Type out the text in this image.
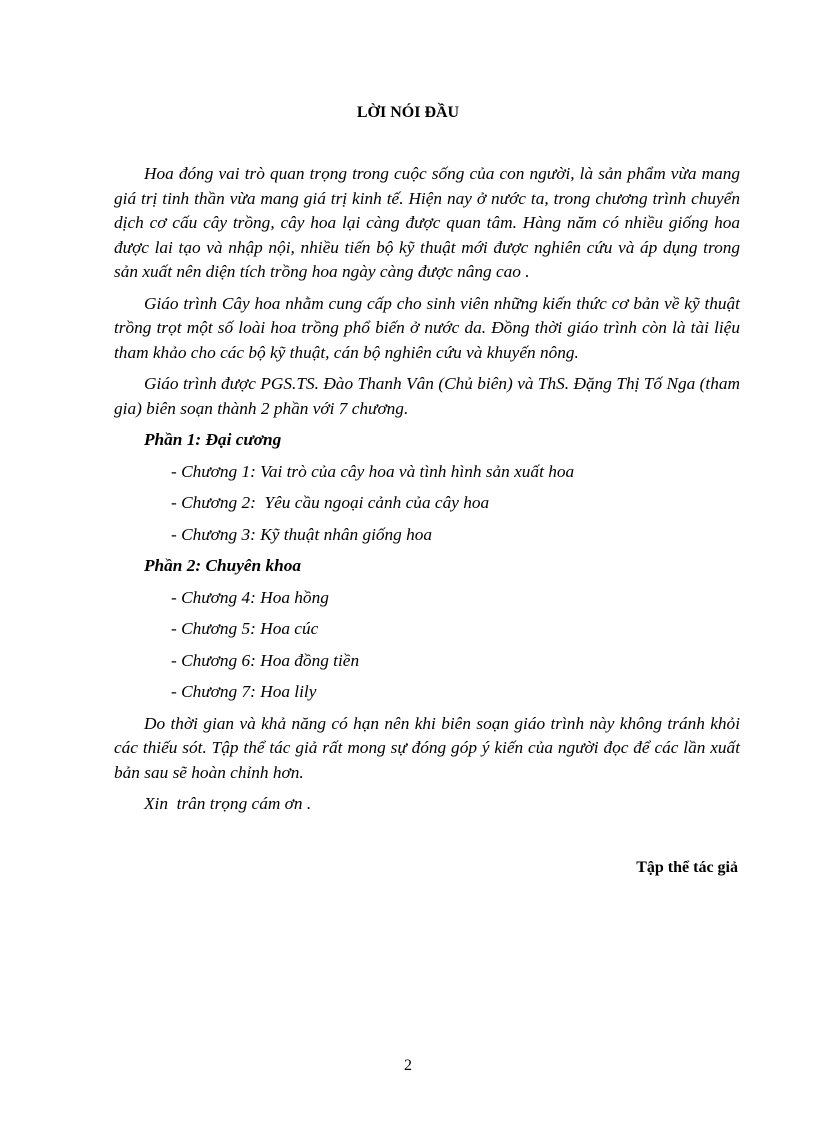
LỜI NÓI ĐẦU

Hoa đóng vai trò quan trọng trong cuộc sống của con người, là sản phẩm vừa mang giá trị tinh thần vừa mang giá trị kinh tế. Hiện nay ở nước ta, trong chương trình chuyển dịch cơ cấu cây trồng, cây hoa lại càng được quan tâm. Hàng năm có nhiều giống hoa được lai tạo và nhập nội, nhiều tiến bộ kỹ thuật mới được nghiên cứu và áp dụng trong sản xuất nên diện tích trồng hoa ngày càng được nâng cao .

Giáo trình Cây hoa nhằm cung cấp cho sinh viên những kiến thức cơ bản về kỹ thuật trồng trọt một số loài hoa trồng phổ biến ở nước da. Đồng thời giáo trình còn là tài liệu tham khảo cho các bộ kỹ thuật, cán bộ nghiên cứu và khuyến nông.

Giáo trình được PGS.TS. Đào Thanh Vân (Chủ biên) và ThS. Đặng Thị Tố Nga (tham gia) biên soạn thành 2 phần với 7 chương.

Phần 1: Đại cương
- Chương 1: Vai trò của cây hoa và tình hình sản xuất hoa
- Chương 2:  Yêu cầu ngoại cảnh của cây hoa
- Chương 3: Kỹ thuật nhân giống hoa
Phần 2: Chuyên khoa
- Chương 4: Hoa hồng
- Chương 5: Hoa cúc
- Chương 6: Hoa đồng tiền
- Chương 7: Hoa lily

Do thời gian và khả năng có hạn nên khi biên soạn giáo trình này không tránh khỏi các thiếu sót. Tập thể tác giả rất mong sự đóng góp ý kiến của người đọc để các lần xuất bản sau sẽ hoàn chỉnh hơn.

Xin  trân trọng cám ơn .

Tập thể tác giả
2
